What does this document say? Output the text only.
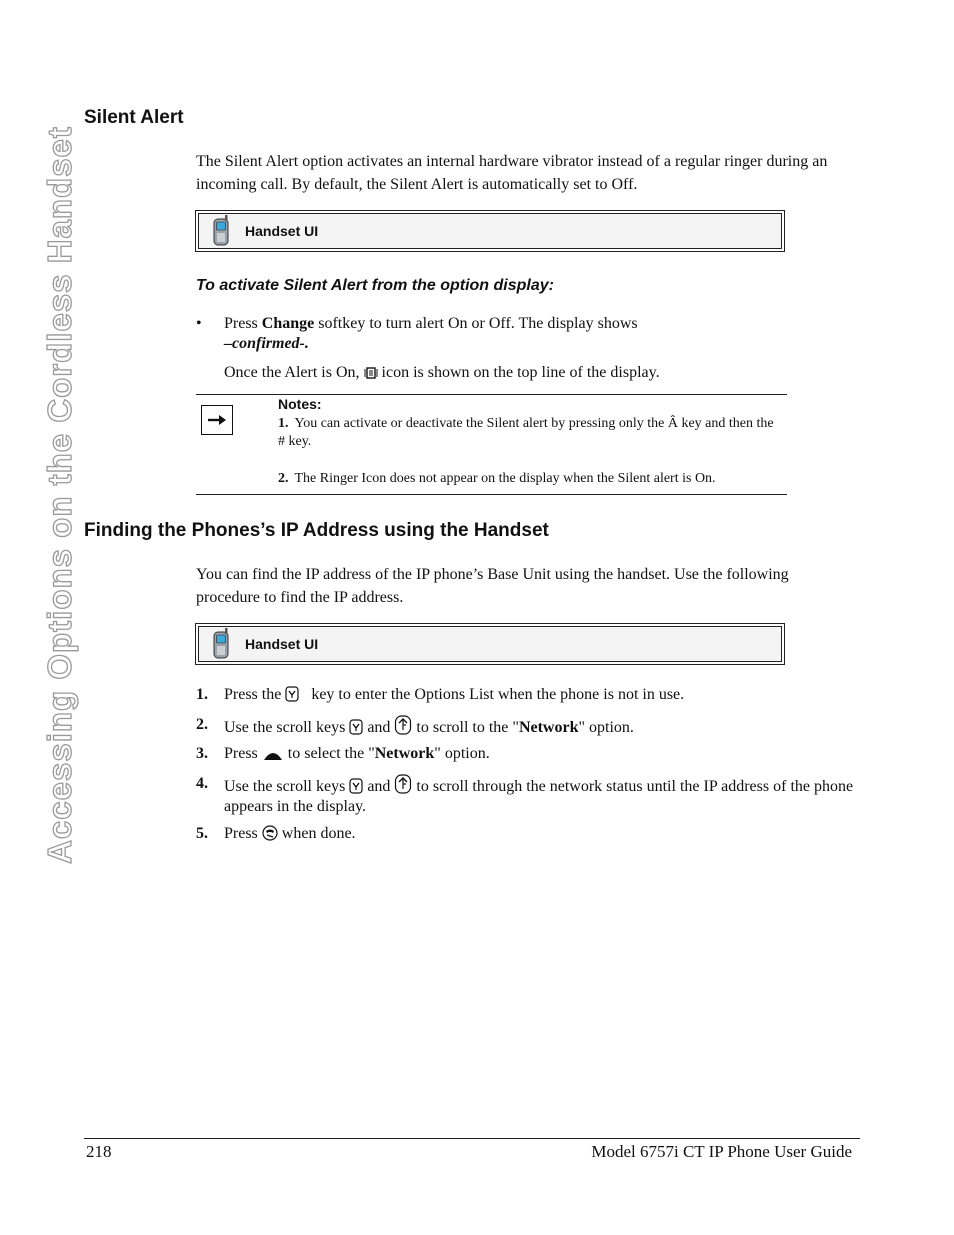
Accessing Options on the Cordless Handset
Silent Alert

The Silent Alert option activates an internal hardware vibrator instead of a regular ringer during an incoming call. By default, the Silent Alert is automatically set to Off.

Handset UI

To activate Silent Alert from the option display:

• Press Change softkey to turn alert On or Off. The display shows
–confirmed-.
Once the Alert is On, icon is shown on the top line of the display.
Notes:
1. You can activate or deactivate the Silent alert by pressing only the Â key and then the # key.
2. The Ringer Icon does not appear on the display when the Silent alert is On.
Finding the Phones’s IP Address using the Handset

You can find the IP address of the IP phone’s Base Unit using the handset. Use the following procedure to find the IP address.

Handset UI
1. Press the key to enter the Options List when the phone is not in use.
2. Use the scroll keys and to scroll to the "Network" option.
3. Press to select the "Network" option.
4. Use the scroll keys and to scroll through the network status until the IP address of the phone appears in the display.
5. Press when done.
218	Model 6757i CT IP Phone User Guide
